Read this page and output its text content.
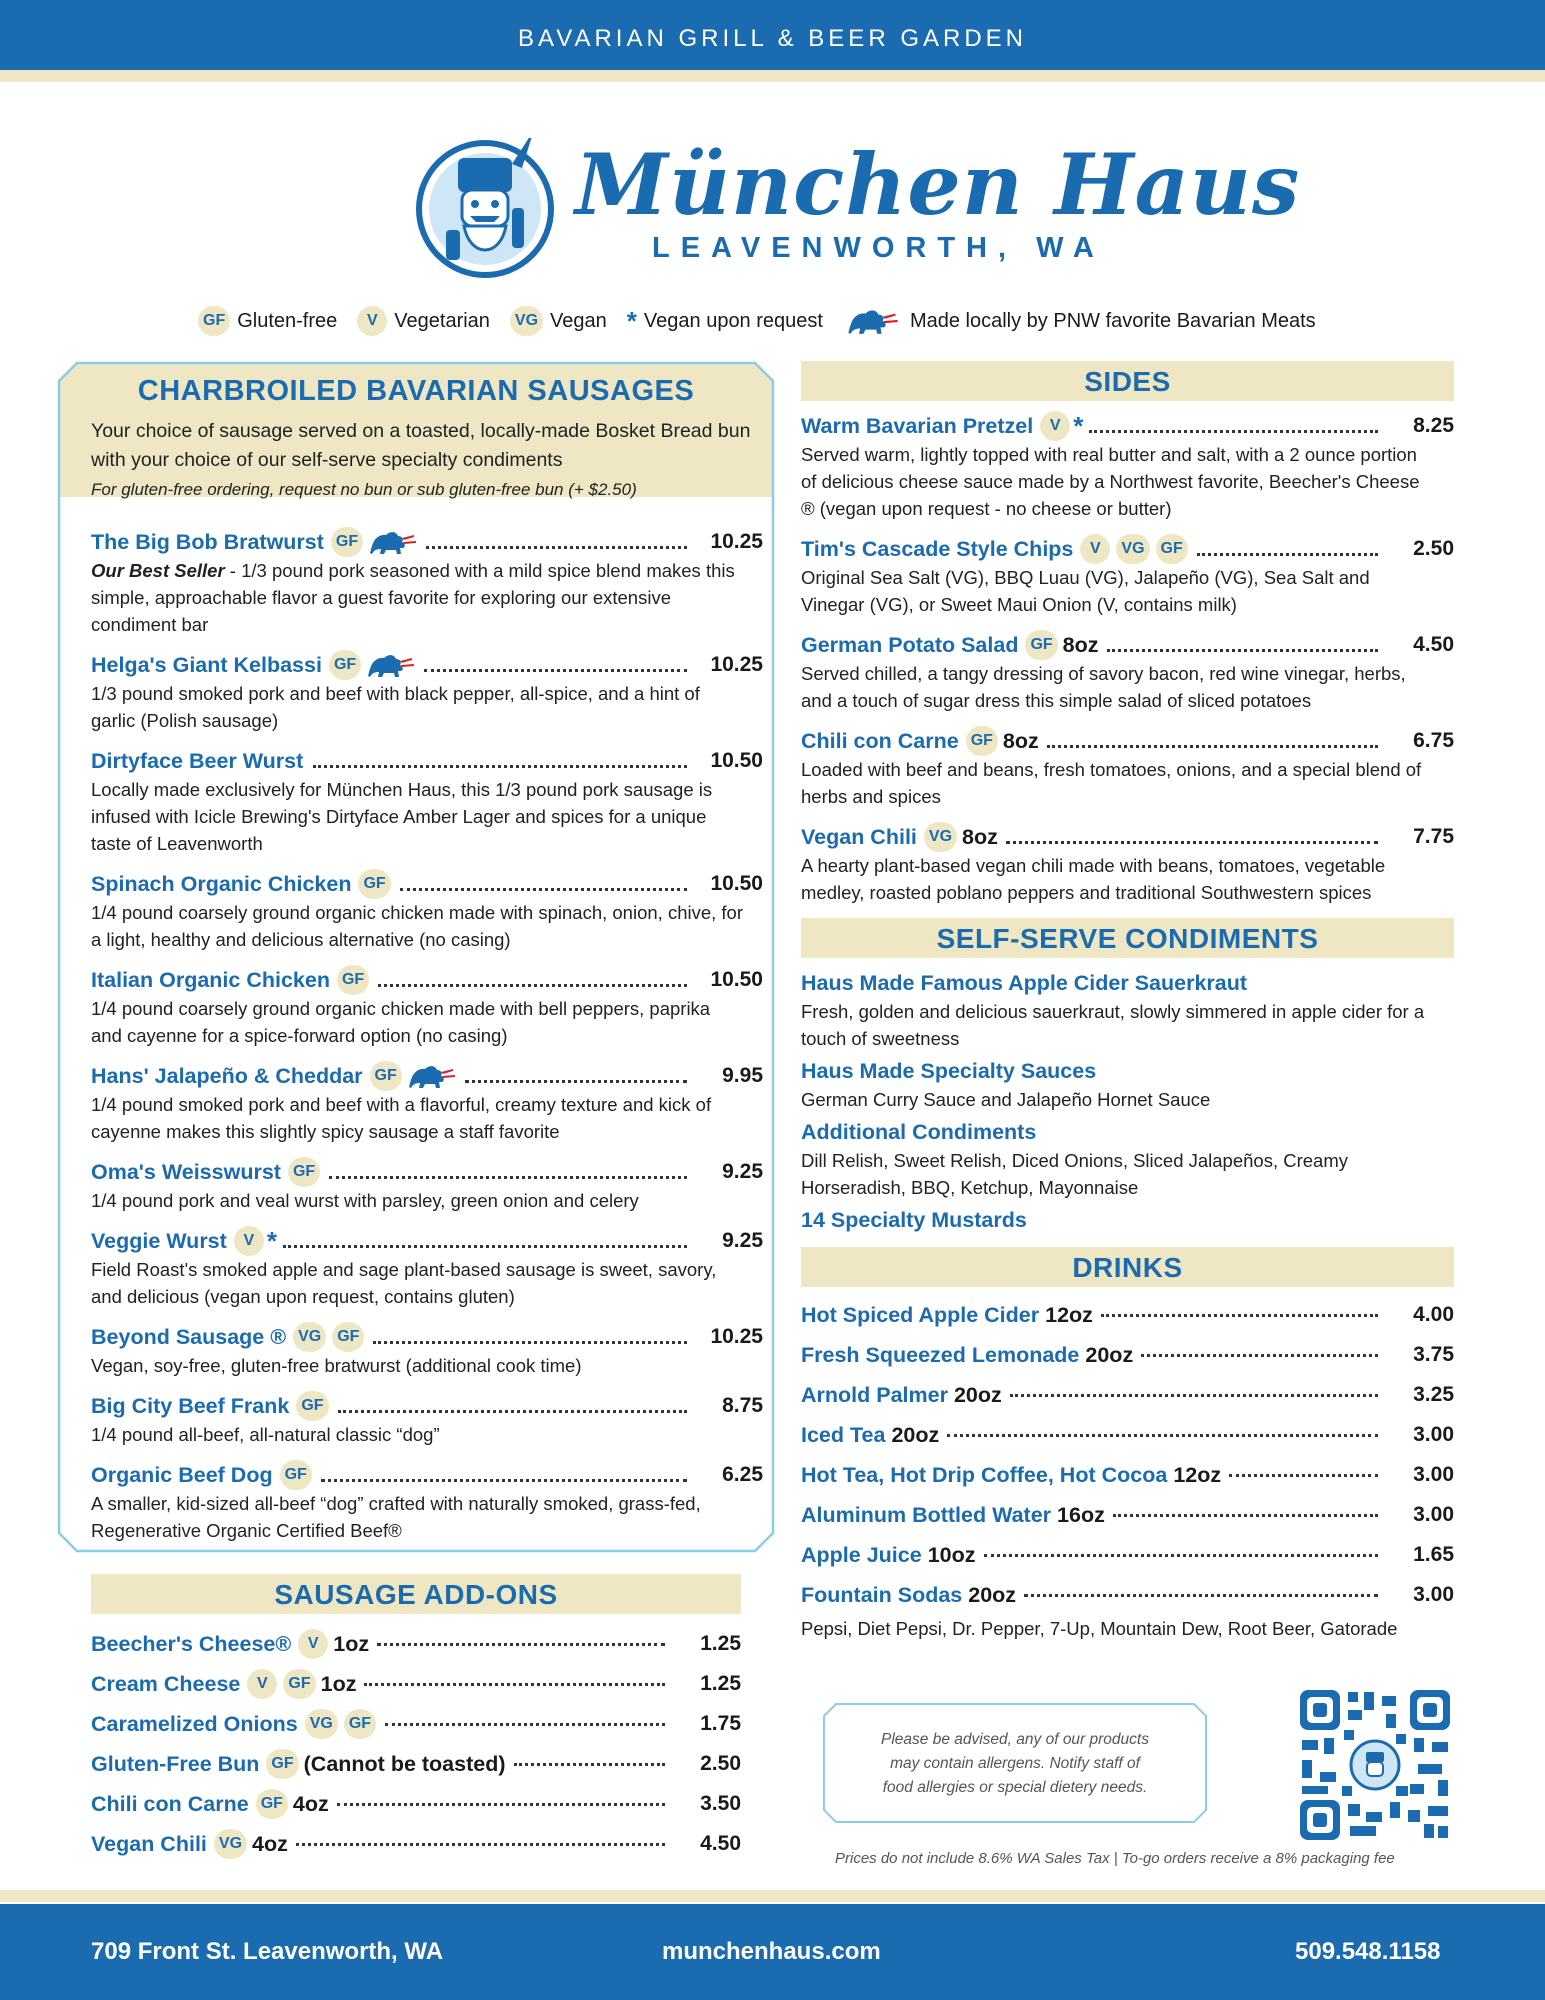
BAVARIAN GRILL & BEER GARDEN
München Haus
LEAVENWORTH, WA
GF Gluten-free	V Vegetarian	VG Vegan * Vegan upon request	Made locally by PNW favorite Bavarian Meats
CHARBROILED BAVARIAN SAUSAGES
Your choice of sausage served on a toasted, locally-made Bosket Bread bun with your choice of our self-serve specialty condiments
For gluten-free ordering, request no bun or sub gluten-free bun (+ $2.50)
The Big Bob Bratwurst GF	10.25
Our Best Seller - 1/3 pound pork seasoned with a mild spice blend makes this simple, approachable flavor a guest favorite for exploring our extensive condiment bar
Helga's Giant Kelbassi GF	10.25
1/3 pound smoked pork and beef with black pepper, all-spice, and a hint of garlic (Polish sausage)
Dirtyface Beer Wurst	10.50
Locally made exclusively for München Haus, this 1/3 pound pork sausage is infused with Icicle Brewing's Dirtyface Amber Lager and spices for a unique taste of Leavenworth
Spinach Organic Chicken GF	10.50
1/4 pound coarsely ground organic chicken made with spinach, onion, chive, for a light, healthy and delicious alternative (no casing)
Italian Organic Chicken GF	10.50
1/4 pound coarsely ground organic chicken made with bell peppers, paprika and cayenne for a spice-forward option (no casing)
Hans' Jalapeño & Cheddar GF	9.95
1/4 pound smoked pork and beef with a flavorful, creamy texture and kick of cayenne makes this slightly spicy sausage a staff favorite
Oma's Weisswurst GF	9.25
1/4 pound pork and veal wurst with parsley, green onion and celery
Veggie Wurst	V *	9.25
Field Roast's smoked apple and sage plant-based sausage is sweet, savory, and delicious (vegan upon request, contains gluten)
Beyond Sausage ® VG	GF	10.25
Vegan, soy-free, gluten-free bratwurst (additional cook time)
Big City Beef Frank GF	8.75
1/4 pound all-beef, all-natural classic “dog”
Organic Beef Dog GF	6.25
A smaller, kid-sized all-beef “dog” crafted with naturally smoked, grass-fed, Regenerative Organic Certified Beef®
SAUSAGE ADD-ONS
Beecher's Cheese®	V 1oz	1.25
Cream Cheese	V	GF 1oz	1.25
Caramelized Onions VG	GF	1.75
Gluten-Free Bun GF (Cannot be toasted)	2.50
Chili con Carne GF 4oz	3.50
Vegan Chili VG 4oz	4.50
SIDES
Warm Bavarian Pretzel	V *	8.25
Served warm, lightly topped with real butter and salt, with a 2 ounce portion of delicious cheese sauce made by a Northwest favorite, Beecher's Cheese ® (vegan upon request - no cheese or butter)
Tim's Cascade Style Chips	V	VG	GF	2.50
Original Sea Salt (VG), BBQ Luau (VG), Jalapeño (VG), Sea Salt and Vinegar (VG), or Sweet Maui Onion (V, contains milk)
German Potato Salad GF 8oz	4.50
Served chilled, a tangy dressing of savory bacon, red wine vinegar, herbs, and a touch of sugar dress this simple salad of sliced potatoes
Chili con Carne GF 8oz	6.75
Loaded with beef and beans, fresh tomatoes, onions, and a special blend of herbs and spices
Vegan Chili VG 8oz	7.75
A hearty plant-based vegan chili made with beans, tomatoes, vegetable medley, roasted poblano peppers and traditional Southwestern spices
SELF-SERVE CONDIMENTS
Haus Made Famous Apple Cider Sauerkraut
Fresh, golden and delicious sauerkraut, slowly simmered in apple cider for a touch of sweetness
Haus Made Specialty Sauces
German Curry Sauce and Jalapeño Hornet Sauce
Additional Condiments
Dill Relish, Sweet Relish, Diced Onions, Sliced Jalapeños, Creamy Horseradish, BBQ, Ketchup, Mayonnaise
14 Specialty Mustards
DRINKS
Hot Spiced Apple Cider 12oz	4.00
Fresh Squeezed Lemonade 20oz	3.75
Arnold Palmer 20oz	3.25
Iced Tea 20oz	3.00
Hot Tea, Hot Drip Coffee, Hot Cocoa 12oz	3.00
Aluminum Bottled Water 16oz	3.00
Apple Juice 10oz	1.65
Fountain Sodas 20oz	3.00
Pepsi, Diet Pepsi, Dr. Pepper, 7-Up, Mountain Dew, Root Beer, Gatorade
Please be advised, any of our products
may contain allergens. Notify staff of
food allergies or special dietery needs.
Prices do not include 8.6% WA Sales Tax | To-go orders receive a 8% packaging fee
709 Front St. Leavenworth, WA	munchenhaus.com	509.548.1158
